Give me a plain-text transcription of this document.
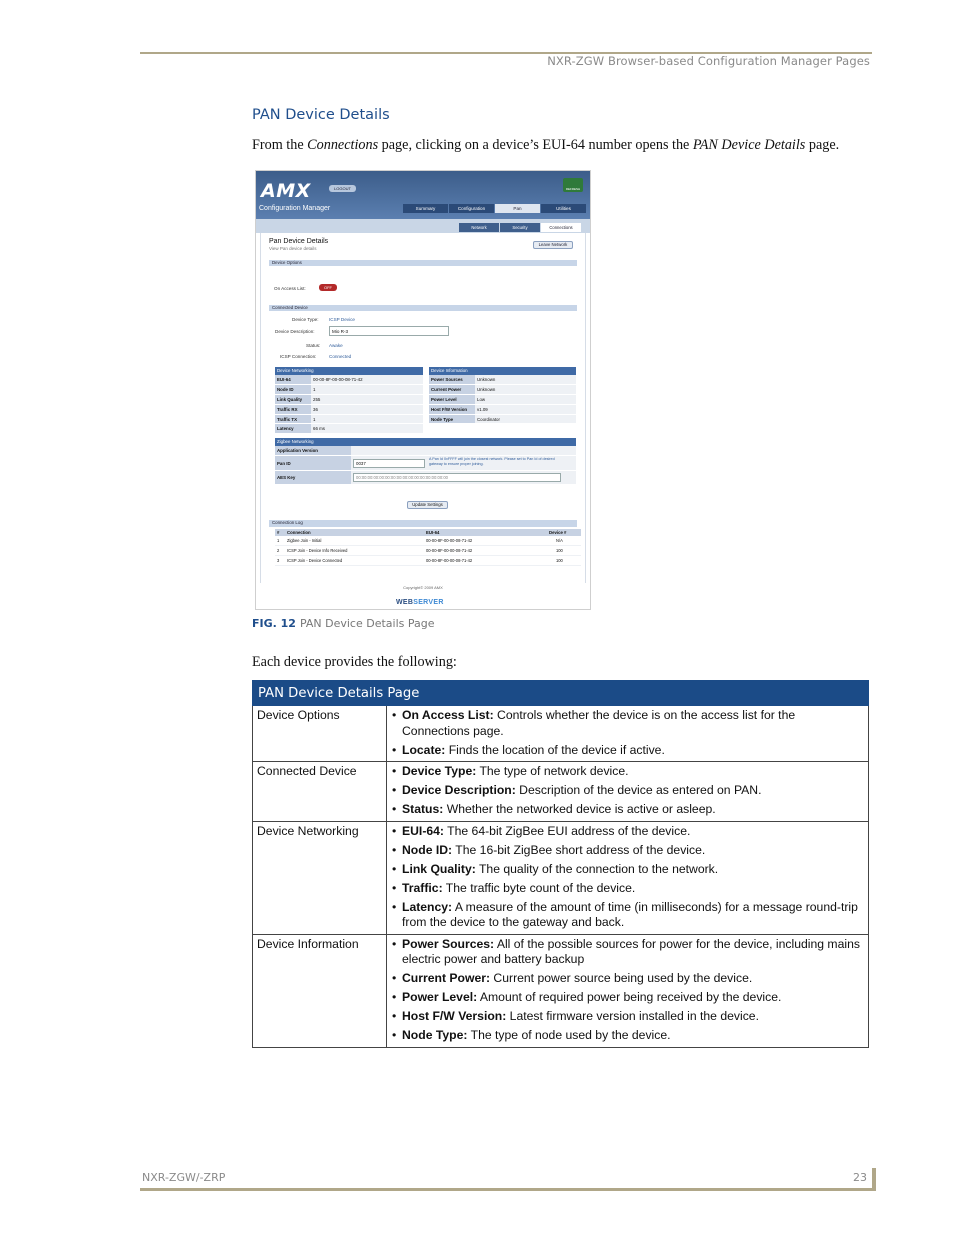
NXR-ZGW Browser-based Configuration Manager Pages
PAN Device Details
From the Connections page, clicking on a device’s EUI-64 number opens the PAN Device Details page.
AMX	LOGOUT	REFRESH
Configuration Manager	Summary	Configuration	Pan	Utilities
Network	Security	Connections
Pan Device Details
View Pan device details
Leave Network
Device Options
On Access List:	OFF
Connected Device
Device Type: ICSP Device
Device Description:	Mio R-3
Status: Awake
ICSP Connection:	Connected
Device Networking
EUI-64	00-00-8F-00-00-08-71-42
Node ID	1
Link Quality	255
Traffic RX	36
Traffic TX	1
Latency	66 ms
Device Information
Power Sources	Unknown
Current Power	Unknown
Power Level	Low
Host F/W Version	v1.09
Node Type	Coordinator
Zigbee Networking
Application Version
Pan ID	0037
A Pan Id 0xFFFF will join the closest network. Please set to Pan Id of desired gateway to ensure proper joining.
AES Key	00:00:00:00:00:00:00:00:00:00:00:00:00:00:00:00
Update Settings
Connection Log
# Connection	EUI-64	Device #
1 Zigbee Join - Initial	00-00-8F-00-00-08-71-42	N/A
2 ICSP Join - Device Info Received	00-00-8F-00-00-08-71-42	100
3 ICSP Join - Device Connected	00-00-8F-00-00-08-71-42	100
Copyright© 2009 AMX
WEBSERVER
FIG. 12 PAN Device Details Page
Each device provides the following:
PAN Device Details Page	
Device Options	• On Access List: Controls whether the device is on the access list for the Connections page.
• Locate: Finds the location of the device if active.

Connected Device	• Device Type: The type of network device.
• Device Description: Description of the device as entered on PAN.
• Status: Whether the networked device is active or asleep.

Device Networking	• EUI-64: The 64-bit ZigBee EUI address of the device.
• Node ID: The 16-bit ZigBee short address of the device.
• Link Quality: The quality of the connection to the network.
• Traffic: The traffic byte count of the device.
• Latency: A measure of the amount of time (in milliseconds) for a message round-trip from the device to the gateway and back.

Device Information	• Power Sources: All of the possible sources for power for the device, including mains electric power and battery backup
• Current Power: Current power source being used by the device.
• Power Level: Amount of required power being received by the device.
• Host F/W Version: Latest firmware version installed in the device.
• Node Type: The type of node used by the device.
NXR-ZGW/-ZRP	23
